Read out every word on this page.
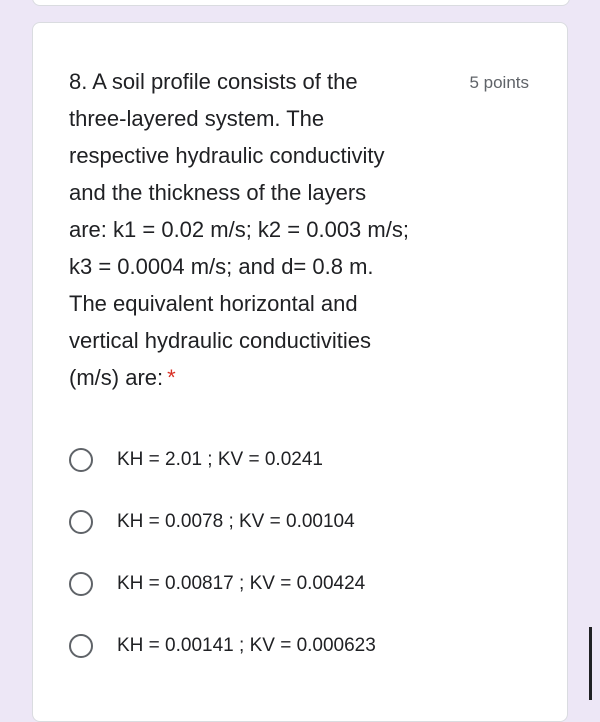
8. A soil profile consists of the
three-layered system. The
respective hydraulic conductivity
and the thickness of the layers
are: k1 = 0.02 m/s; k2 = 0.003 m/s;
k3 = 0.0004 m/s; and d= 0.8 m.
The equivalent horizontal and
vertical hydraulic conductivities
(m/s) are: *
5 points
KH = 2.01 ; KV = 0.0241
KH = 0.0078 ; KV = 0.00104
KH = 0.00817 ; KV = 0.00424
KH = 0.00141 ; KV = 0.000623
